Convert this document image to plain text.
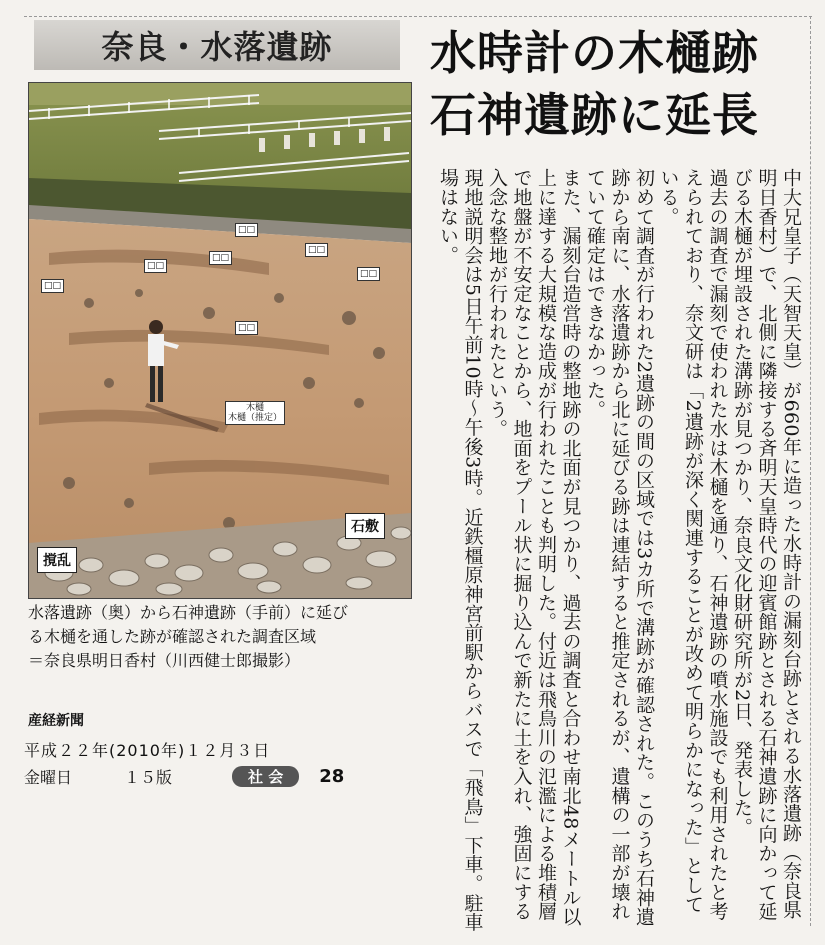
奈良・水落遺跡	水時計の木樋跡
石神遺跡に延長
□□
□□
□□
□□
□□
□□
□□
木樋
木樋（推定）
石敷
撹乱
水落遺跡（奥）から石神遺跡（手前）に延び
る木樋を通した跡が確認された調査区域
＝奈良県明日香村（川西健士郎撮影）	中大兄皇子（天智天皇）が660年に造った水時計の漏刻台跡とされる水落遺跡（奈良県明日香村）で、北側に隣接する斉明天皇時代の迎賓館跡とされる石神遺跡に向かって延びる木樋が埋設された溝跡が見つかり、奈良文化財研究所が2日、発表した。

過去の調査で漏刻で使われた水は木樋を通り、石神遺跡の噴水施設でも利用されたと考えられており、奈文研は「2遺跡が深く関連することが改めて明らかになった」としている。

初めて調査が行われた2遺跡の間の区域では3カ所で溝跡が確認された。このうち石神遺跡から南に、水落遺跡から北に延びる跡は連結すると推定されるが、遺構の一部が壊れていて確定はできなかった。

また、漏刻台造営時の整地跡の北面が見つかり、過去の調査と合わせ南北48メートル以上に達する大規模な造成が行われたことも判明した。付近は飛鳥川の氾濫による堆積層で地盤が不安定なことから、地面をプール状に掘り込んで新たに土を入れ、強固にする入念な整地が行われたという。

現地説明会は5日午前10時〜午後3時。近鉄橿原神宮前駅からバスで「飛鳥」下車。駐車場はない。

産経新聞
平成２２年(2010年)１２月３日
金曜日	１５版	社 会	28
